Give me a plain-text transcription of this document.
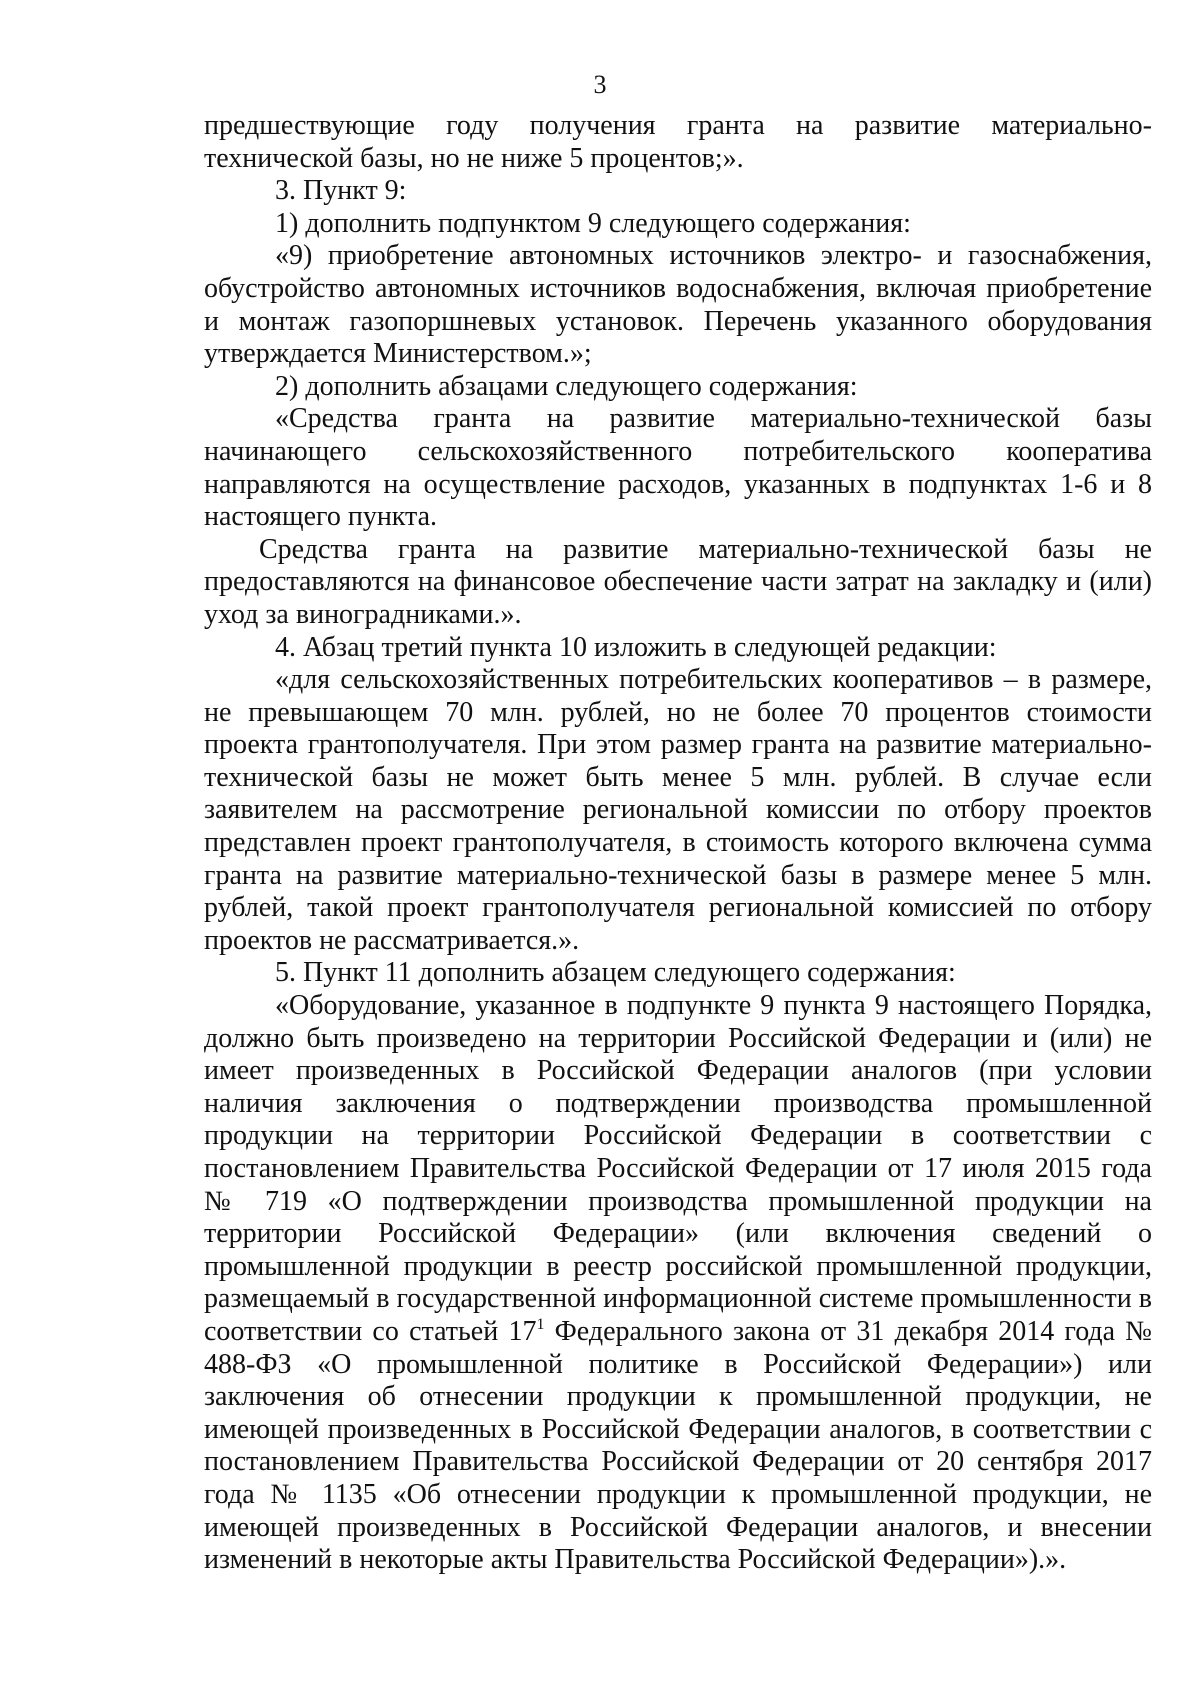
3

предшествующие году получения гранта на развитие материально-технической базы, но не ниже 5 процентов;».

3. Пункт 9:

1) дополнить подпунктом 9 следующего содержания:

«9) приобретение автономных источников электро- и газоснабжения, обустройство автономных источников водоснабжения, включая приобретение и монтаж газопоршневых установок. Перечень указанного оборудования утверждается Министерством.»;

2) дополнить абзацами следующего содержания:

«Средства гранта на развитие материально-технической базы начинающего сельскохозяйственного потребительского кооператива направляются на осуществление расходов, указанных в подпунктах 1-6 и 8 настоящего пункта.

Средства гранта на развитие материально-технической базы не предоставляются на финансовое обеспечение части затрат на закладку и (или) уход за виноградниками.».

4. Абзац третий пункта 10 изложить в следующей редакции:

«для сельскохозяйственных потребительских кооперативов – в размере, не превышающем 70 млн. рублей, но не более 70 процентов стоимости проекта грантополучателя. При этом размер гранта на развитие материально-технической базы не может быть менее 5 млн. рублей. В случае если заявителем на рассмотрение региональной комиссии по отбору проектов представлен проект грантополучателя, в стоимость которого включена сумма гранта на развитие материально-технической базы в размере менее 5 млн. рублей, такой проект грантополучателя региональной комиссией по отбору проектов не рассматривается.».

5. Пункт 11 дополнить абзацем следующего содержания:

«Оборудование, указанное в подпункте 9 пункта 9 настоящего Порядка, должно быть произведено на территории Российской Федерации и (или) не имеет произведенных в Российской Федерации аналогов (при условии наличия заключения о подтверждении производства промышленной продукции на территории Российской Федерации в соответствии с постановлением Правительства Российской Федерации от 17 июля 2015 года № 719 «О подтверждении производства промышленной продукции на территории Российской Федерации» (или включения сведений о промышленной продукции в реестр российской промышленной продукции, размещаемый в государственной информационной системе промышленности в соответствии со статьей $17^1$ Федерального закона от 31 декабря 2014 года № 488-ФЗ «О промышленной политике в Российской Федерации») или заключения об отнесении продукции к промышленной продукции, не имеющей произведенных в Российской Федерации аналогов, в соответствии с постановлением Правительства Российской Федерации от 20 сентября 2017 года № 1135 «Об отнесении продукции к промышленной продукции, не имеющей произведенных в Российской Федерации аналогов, и внесении изменений в некоторые акты Правительства Российской Федерации»).».
